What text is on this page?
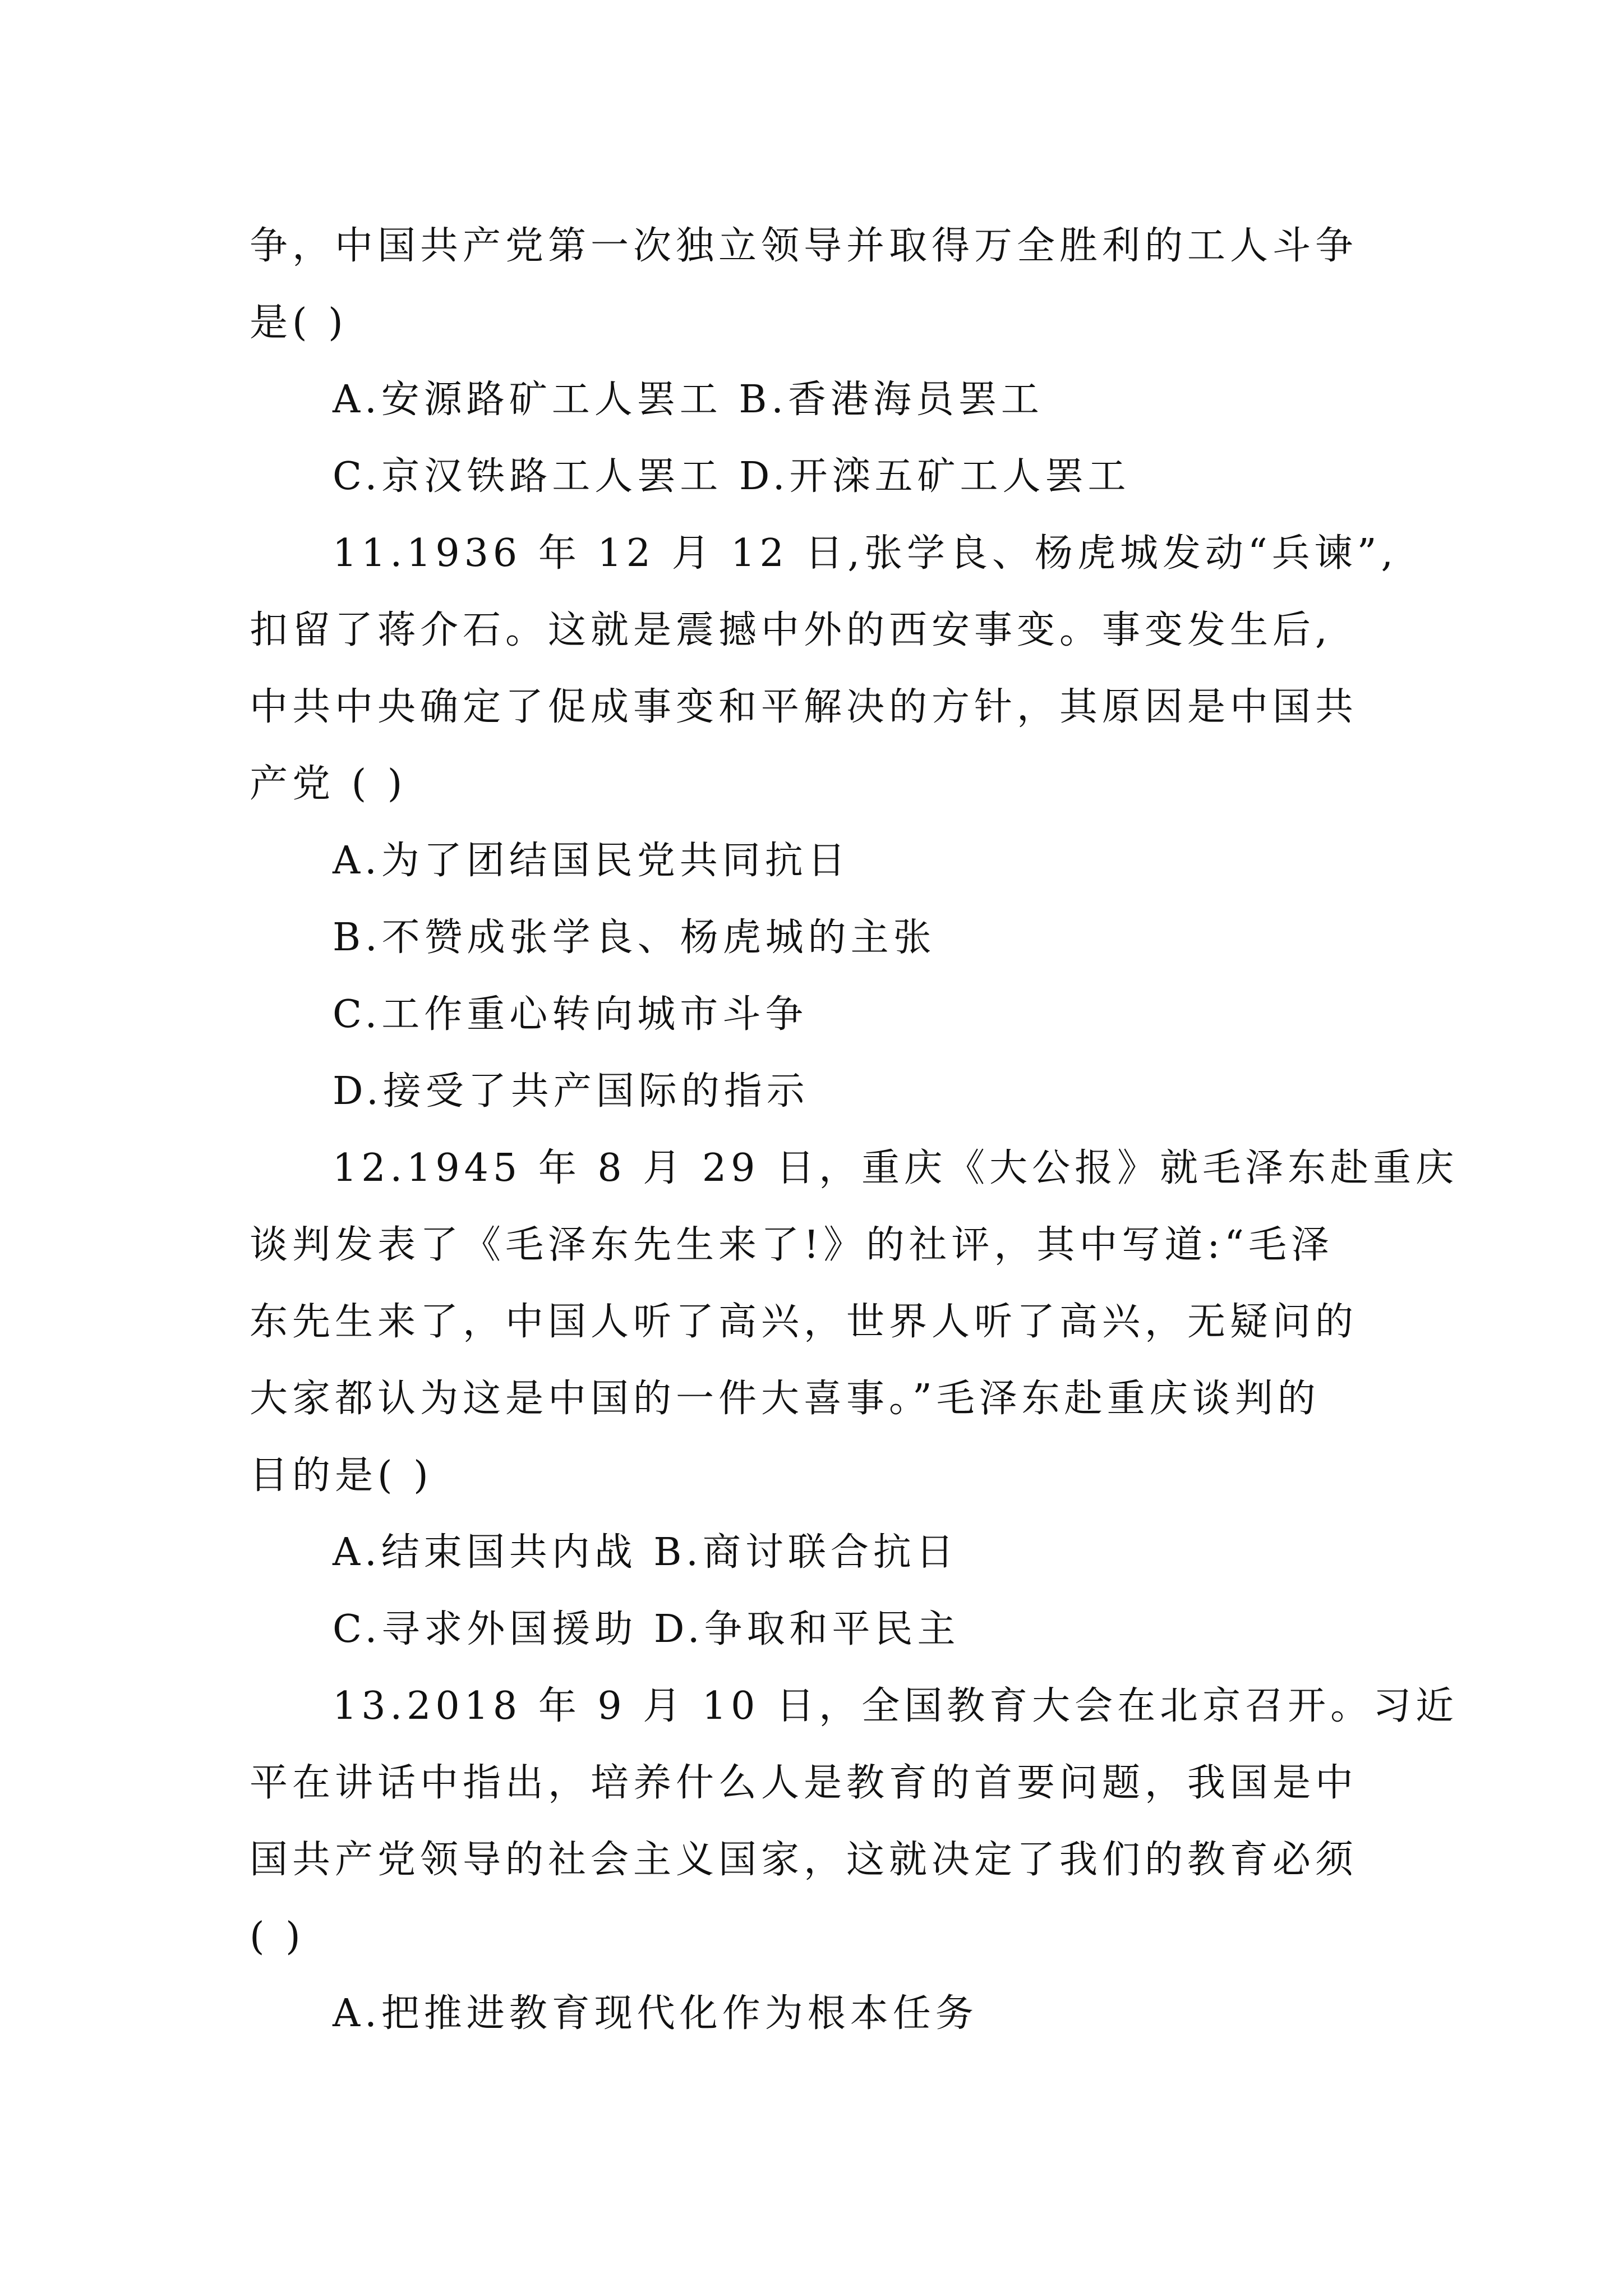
争，中国共产党第一次独立领导并取得万全胜利的工人斗争
是( )
A.安源路矿工人罢工 B.香港海员罢工
C.京汉铁路工人罢工 D.开滦五矿工人罢工
11.1936 年 12 月 12 日,张学良、杨虎城发动“兵谏”,
扣留了蒋介石。这就是震撼中外的西安事变。事变发生后,
中共中央确定了促成事变和平解决的方针，其原因是中国共
产党 ( )
A.为了团结国民党共同抗日
B.不赞成张学良、杨虎城的主张
C.工作重心转向城市斗争
D.接受了共产国际的指示
12.1945 年 8 月 29 日，重庆《大公报》就毛泽东赴重庆
谈判发表了《毛泽东先生来了!》的社评，其中写道:“毛泽
东先生来了，中国人听了高兴，世界人听了高兴，无疑问的
大家都认为这是中国的一件大喜事。”毛泽东赴重庆谈判的
目的是( )
A.结束国共内战 B.商讨联合抗日
C.寻求外国援助 D.争取和平民主
13.2018 年 9 月 10 日，全国教育大会在北京召开。习近
平在讲话中指出，培养什么人是教育的首要问题，我国是中
国共产党领导的社会主义国家，这就决定了我们的教育必须
( )
A.把推进教育现代化作为根本任务
